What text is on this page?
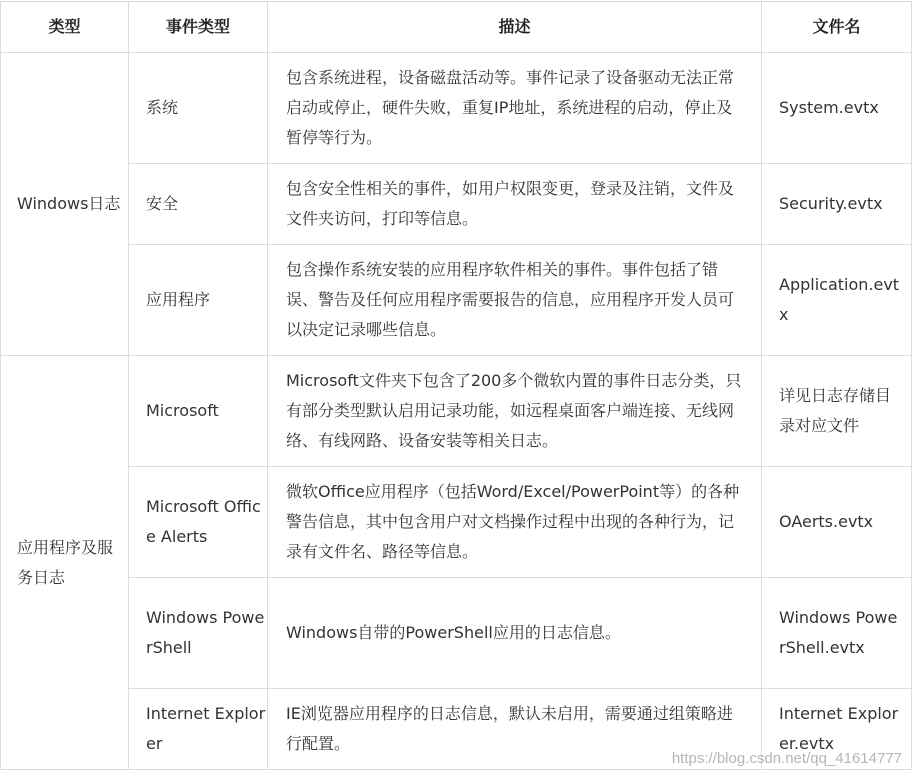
类型	事件类型	描述	文件名
Windows日志	系统	包含系统进程，设备磁盘活动等。事件记录了设备驱动无法正常启动或停止，硬件失败，重复IP地址，系统进程的启动，停止及暂停等行为。	System.evtx
	安全	包含安全性相关的事件，如用户权限变更，登录及注销，文件及文件夹访问，打印等信息。	Security.evtx
	应用程序	包含操作系统安装的应用程序软件相关的事件。事件包括了错误、警告及任何应用程序需要报告的信息，应用程序开发人员可以决定记录哪些信息。	Application.evtx
应用程序及服务日志	Microsoft	Microsoft文件夹下包含了200多个微软内置的事件日志分类，只有部分类型默认启用记录功能，如远程桌面客户端连接、无线网络、有线网路、设备安装等相关日志。	详见日志存储目录对应文件
	Microsoft Office Alerts	微软Office应用程序（包括Word/Excel/PowerPoint等）的各种警告信息，其中包含用户对文档操作过程中出现的各种行为，记录有文件名、路径等信息。	OAerts.evtx
	Windows PowerShell	Windows自带的PowerShell应用的日志信息。	Windows PowerShell.evtx
	Internet Explorer	IE浏览器应用程序的日志信息，默认未启用，需要通过组策略进行配置。	Internet Explorer.evtx
https://blog.csdn.net/qq_41614777
